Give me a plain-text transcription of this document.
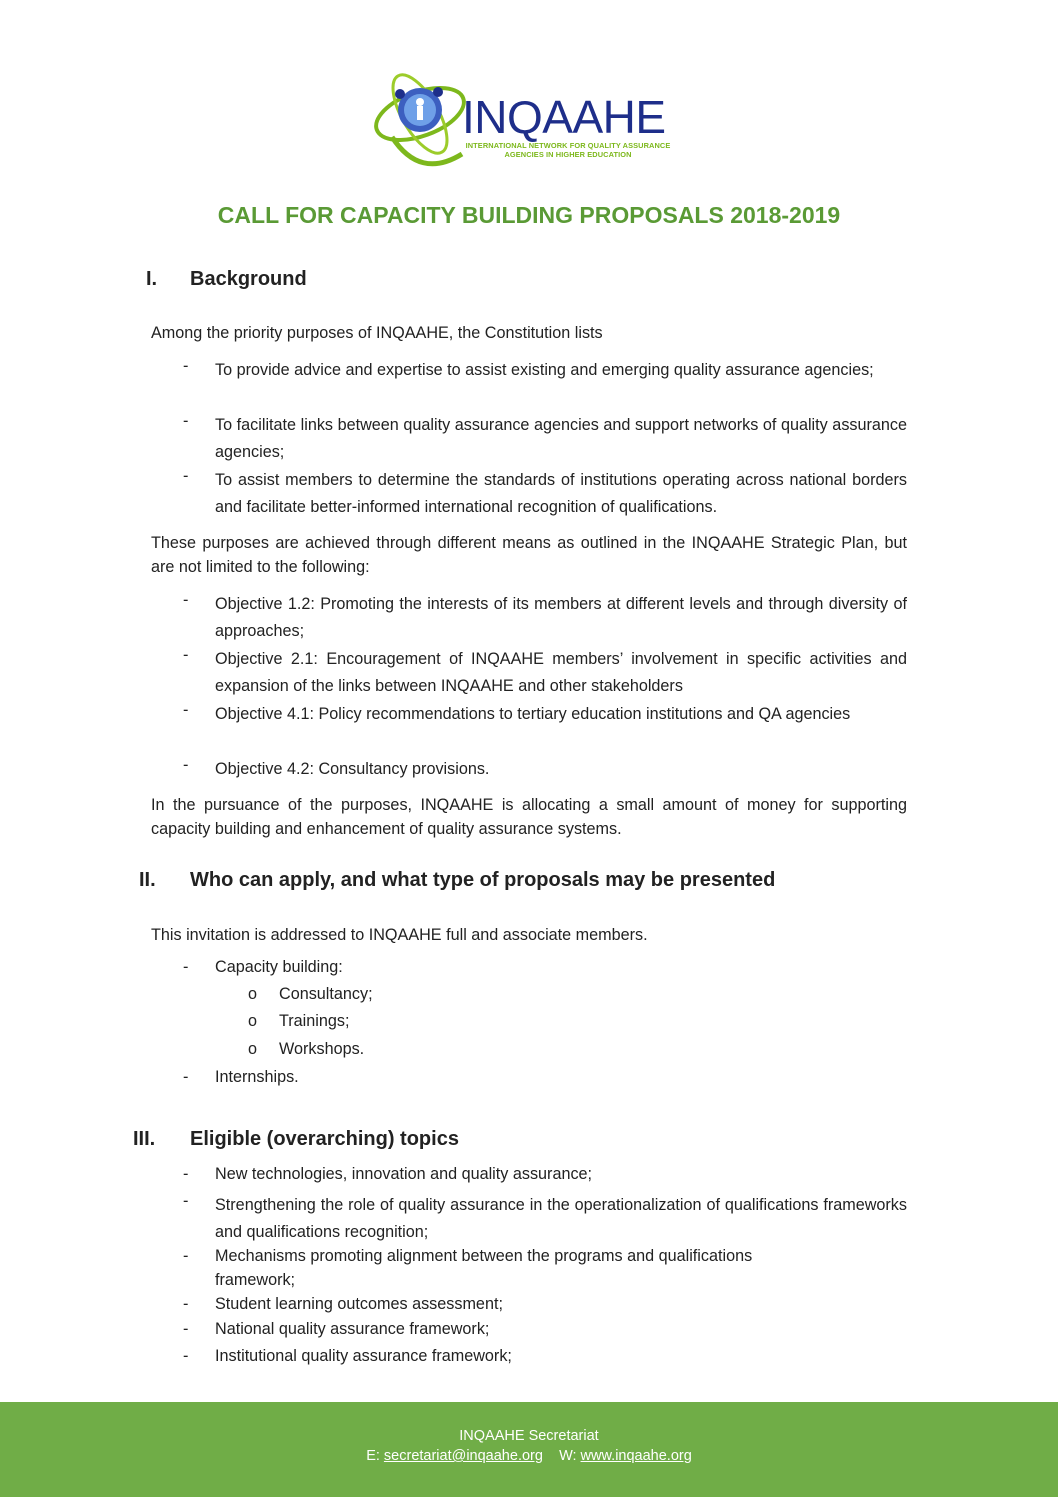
INQAAHE
INTERNATIONAL NETWORK FOR QUALITY ASSURANCE
AGENCIES IN HIGHER EDUCATION
CALL FOR CAPACITY BUILDING PROPOSALS 2018-2019
I. Background
Among the priority purposes of INQAAHE, the Constitution lists
- To provide advice and expertise to assist existing and emerging quality assurance agencies;
- To facilitate links between quality assurance agencies and support networks of quality assurance agencies;
- To assist members to determine the standards of institutions operating across national borders and facilitate better-informed international recognition of qualifications.
These purposes are achieved through different means as outlined in the INQAAHE Strategic Plan, but are not limited to the following:
- Objective 1.2: Promoting the interests of its members at different levels and through diversity of approaches;
- Objective 2.1: Encouragement of INQAAHE members’ involvement in specific activities and expansion of the links between INQAAHE and other stakeholders
- Objective 4.1: Policy recommendations to tertiary education institutions and QA agencies
- Objective 4.2: Consultancy provisions.
In the pursuance of the purposes, INQAAHE is allocating a small amount of money for supporting capacity building and enhancement of quality assurance systems.
II. Who can apply, and what type of proposals may be presented
This invitation is addressed to INQAAHE full and associate members.
- Capacity building:
o Consultancy;
o Trainings;
o Workshops.
- Internships.
III. Eligible (overarching) topics
- New technologies, innovation and quality assurance;
- Strengthening the role of quality assurance in the operationalization of qualifications frameworks and qualifications recognition;
- Mechanisms promoting alignment between the programs and qualifications
framework;
- Student learning outcomes assessment;
- National quality assurance framework;
- Institutional quality assurance framework;
INQAAHE Secretariat
E: secretariat@inqaahe.org W: www.inqaahe.org
